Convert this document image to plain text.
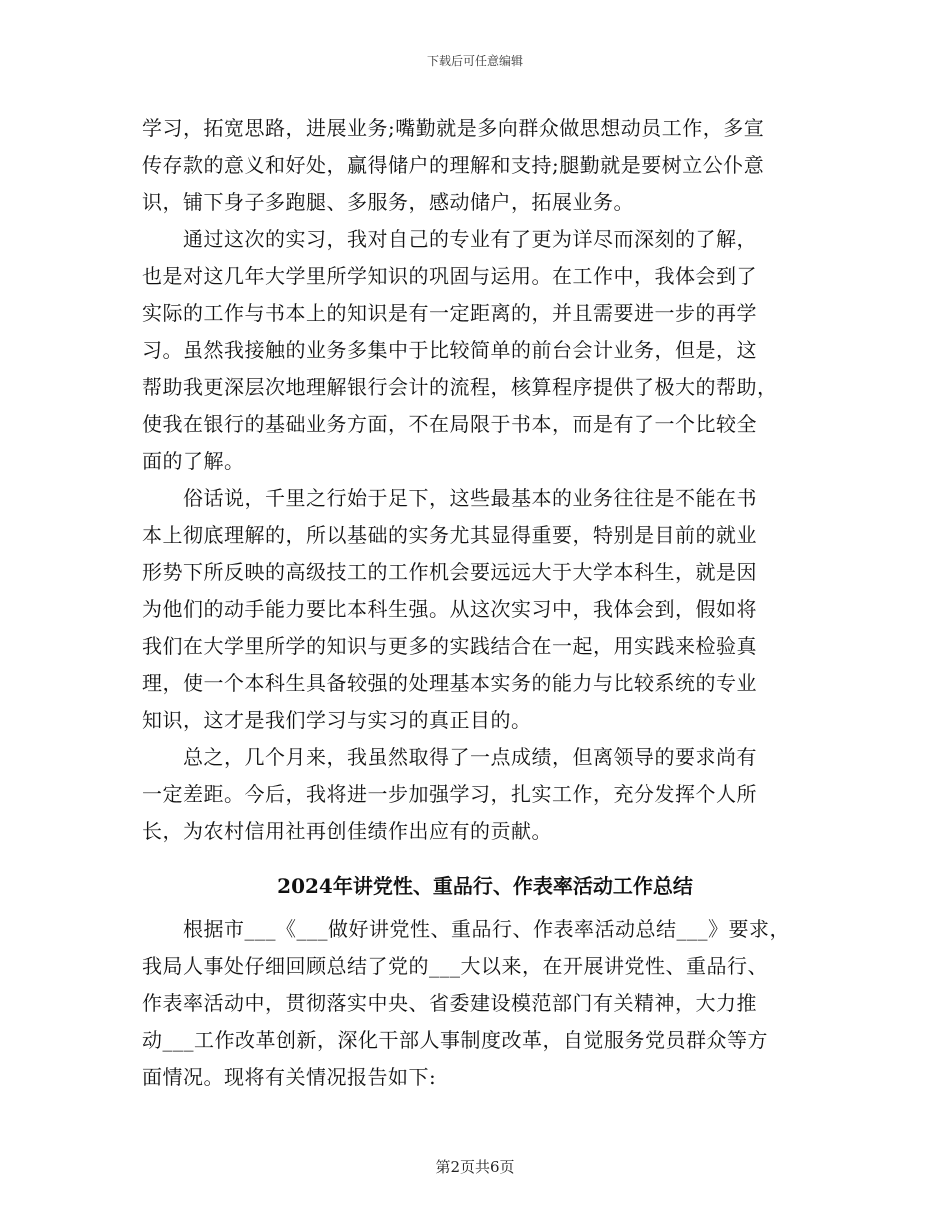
下载后可任意编辑
学习，拓宽思路，进展业务;嘴勤就是多向群众做思想动员工作，多宣
传存款的意义和好处，赢得储户的理解和支持;腿勤就是要树立公仆意
识，铺下身子多跑腿、多服务，感动储户，拓展业务。
　　通过这次的实习，我对自己的专业有了更为详尽而深刻的了解，
也是对这几年大学里所学知识的巩固与运用。在工作中，我体会到了
实际的工作与书本上的知识是有一定距离的，并且需要进一步的再学
习。虽然我接触的业务多集中于比较简单的前台会计业务，但是，这
帮助我更深层次地理解银行会计的流程，核算程序提供了极大的帮助，
使我在银行的基础业务方面，不在局限于书本，而是有了一个比较全
面的了解。
　　俗话说，千里之行始于足下，这些最基本的业务往往是不能在书
本上彻底理解的，所以基础的实务尤其显得重要，特别是目前的就业
形势下所反映的高级技工的工作机会要远远大于大学本科生，就是因
为他们的动手能力要比本科生强。从这次实习中，我体会到，假如将
我们在大学里所学的知识与更多的实践结合在一起，用实践来检验真
理，使一个本科生具备较强的处理基本实务的能力与比较系统的专业
知识，这才是我们学习与实习的真正目的。
　　总之，几个月来，我虽然取得了一点成绩，但离领导的要求尚有
一定差距。今后，我将进一步加强学习，扎实工作，充分发挥个人所
长，为农村信用社再创佳绩作出应有的贡献。
2024年讲党性、重品行、作表率活动工作总结
　　根据市___《___做好讲党性、重品行、作表率活动总结___》要求，
我局人事处仔细回顾总结了党的___大以来，在开展讲党性、重品行、
作表率活动中，贯彻落实中央、省委建设模范部门有关精神，大力推
动___工作改革创新，深化干部人事制度改革，自觉服务党员群众等方
面情况。现将有关情况报告如下:
第2页共6页
